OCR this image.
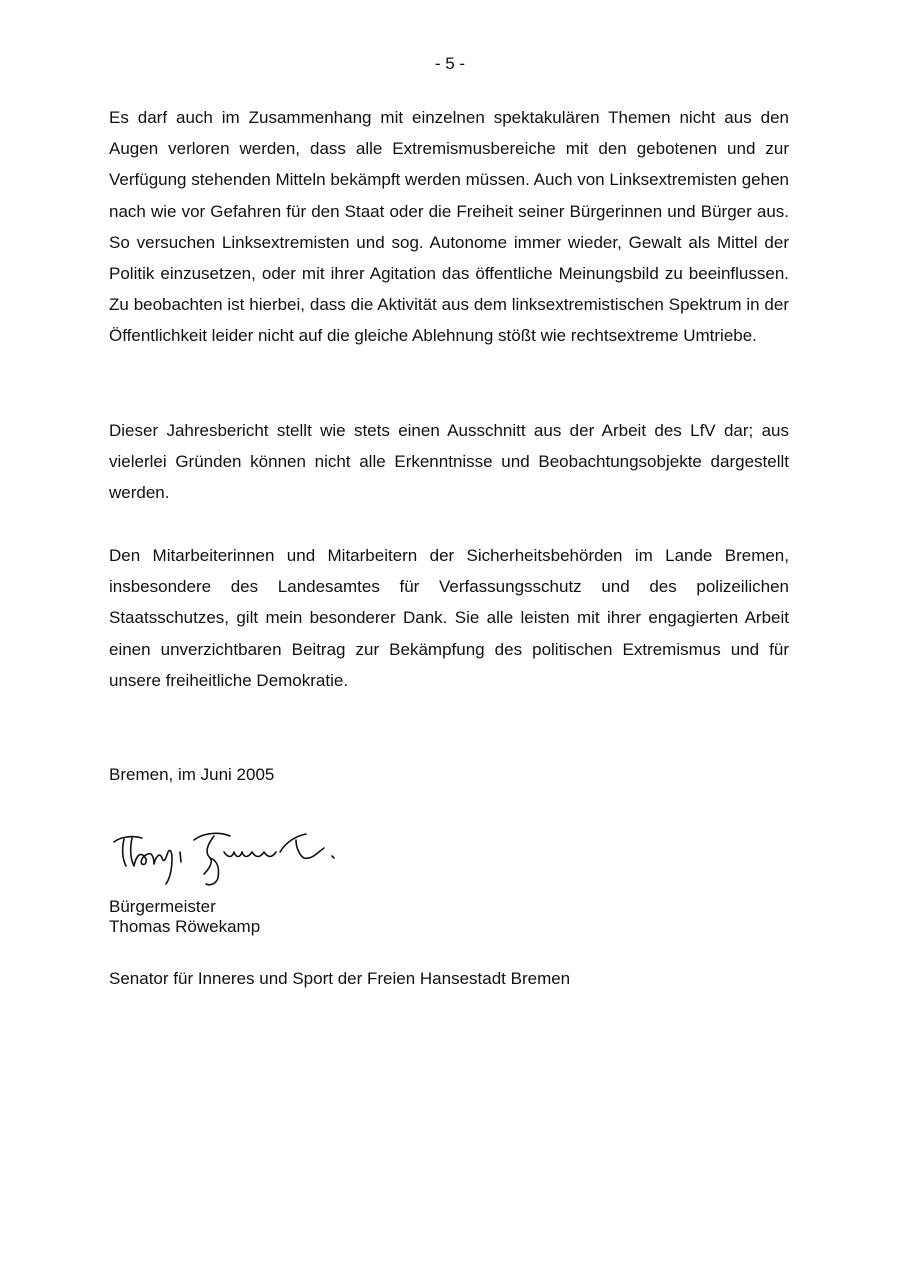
- 5 -

Es darf auch im Zusammenhang mit einzelnen spektakulären Themen nicht aus den Augen verloren werden, dass alle Extremismusbereiche mit den gebotenen und zur Verfügung stehenden Mitteln bekämpft werden müssen. Auch von Linksextremisten gehen nach wie vor Gefahren für den Staat oder die Freiheit seiner Bürgerinnen und Bürger aus. So versuchen Linksextremisten und sog. Autonome immer wieder, Gewalt als Mittel der Politik einzusetzen, oder mit ihrer Agitation das öffentliche Meinungsbild zu beeinflussen. Zu beobachten ist hierbei, dass die Aktivität aus dem linksextremistischen Spektrum in der Öffentlichkeit leider nicht auf die gleiche Ablehnung stößt wie rechtsextreme Umtriebe.

Dieser Jahresbericht stellt wie stets einen Ausschnitt aus der Arbeit des LfV dar; aus vielerlei Gründen können nicht alle Erkenntnisse und Beobachtungsobjekte dargestellt werden.

Den Mitarbeiterinnen und Mitarbeitern der Sicherheitsbehörden im Lande Bremen, insbesondere des Landesamtes für Verfassungsschutz und des polizeilichen Staatsschutzes, gilt mein besonderer Dank. Sie alle leisten mit ihrer engagierten Arbeit einen unverzichtbaren Beitrag zur Bekämpfung des politischen Extremismus und für unsere freiheitliche Demokratie.

Bremen, im Juni 2005
Bürgermeister
Thomas Röwekamp
Senator für Inneres und Sport der Freien Hansestadt Bremen
